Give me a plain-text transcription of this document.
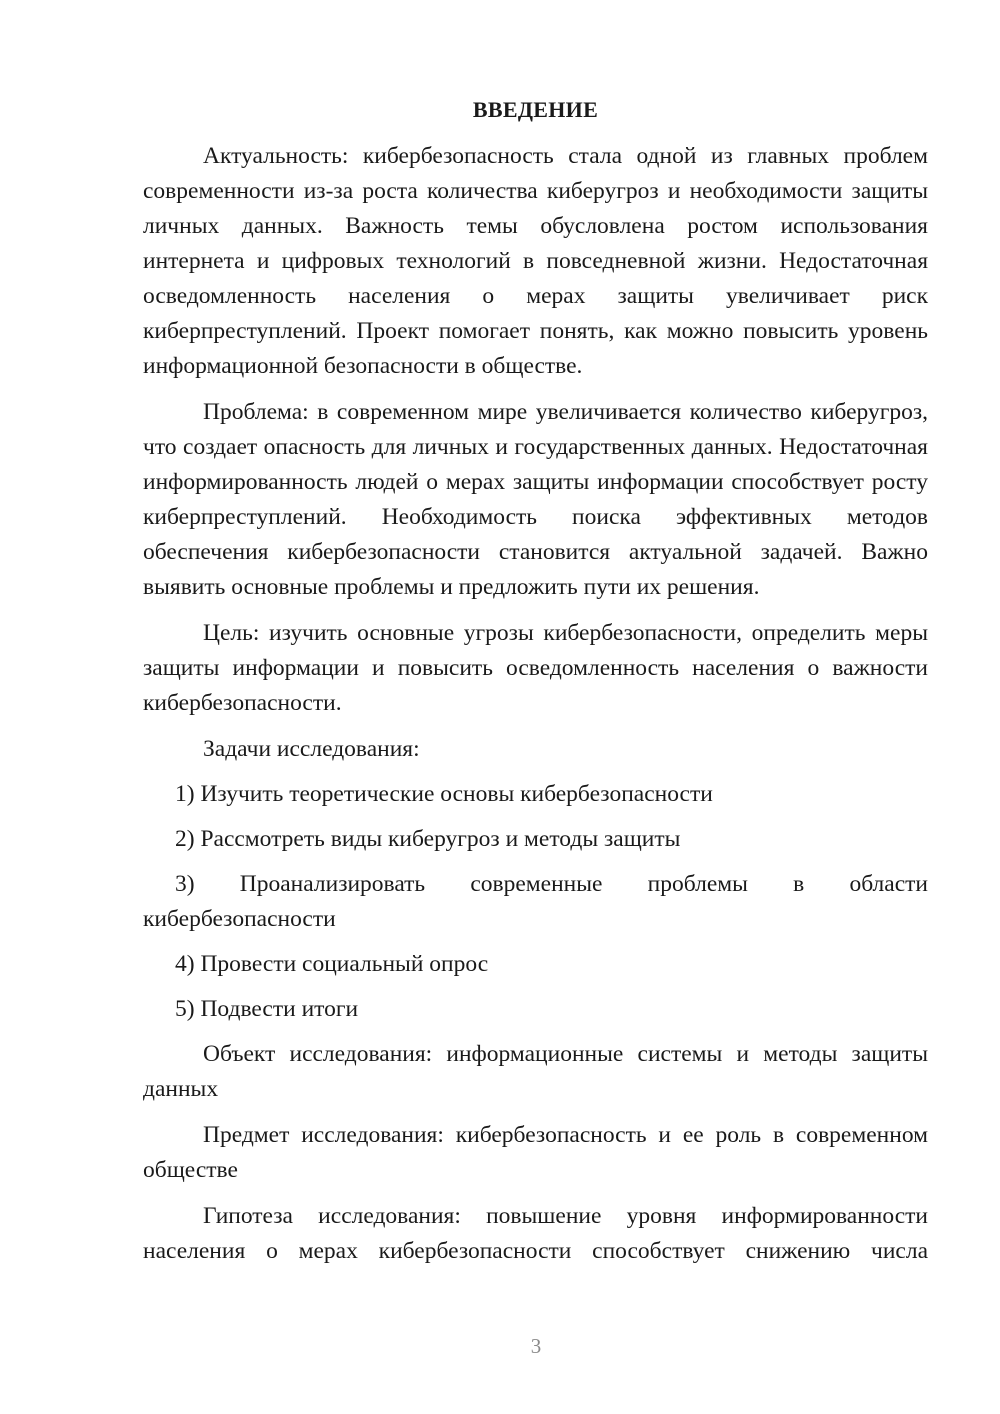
ВВЕДЕНИЕ

Актуальность: кибербезопасность стала одной из главных проблем современности из-за роста количества киберугроз и необходимости защиты личных данных. Важность темы обусловлена ростом использования интернета и цифровых технологий в повседневной жизни. Недостаточная осведомленность населения о мерах защиты увеличивает риск киберпреступлений. Проект помогает понять, как можно повысить уровень информационной безопасности в обществе.

Проблема: в современном мире увеличивается количество киберугроз, что создает опасность для личных и государственных данных. Недостаточная информированность людей о мерах защиты информации способствует росту киберпреступлений. Необходимость поиска эффективных методов обеспечения кибербезопасности становится актуальной задачей. Важно выявить основные проблемы и предложить пути их решения.

Цель: изучить основные угрозы кибербезопасности, определить меры защиты информации и повысить осведомленность населения о важности кибербезопасности.

Задачи исследования:

1) Изучить теоретические основы кибербезопасности

2) Рассмотреть виды киберугроз и методы защиты

3) Проанализировать современные проблемы в области кибербезопасности

4) Провести социальный опрос

5) Подвести итоги

Объект исследования: информационные системы и методы защиты данных

Предмет исследования: кибербезопасность и ее роль в современном обществе

Гипотеза исследования: повышение уровня информированности населения о мерах кибербезопасности способствует снижению числа

3
